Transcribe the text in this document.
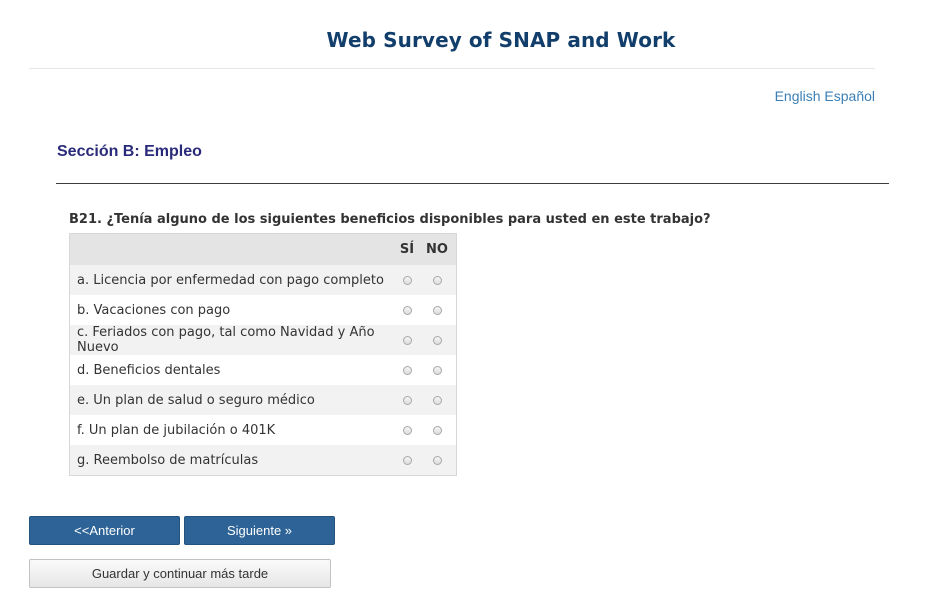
Web Survey of SNAP and Work
English Español
Sección B: Empleo
B21. ¿Tenía alguno de los siguientes beneficios disponibles para usted en este trabajo?
SÍ NO
a. Licencia por enfermedad con pago completo
b. Vacaciones con pago
c. Feriados con pago, tal como Navidad y Año Nuevo
d. Beneficios dentales
e. Un plan de salud o seguro médico
f. Un plan de jubilación o 401K
g. Reembolso de matrículas
<<Anterior	Siguiente »
Guardar y continuar más tarde
